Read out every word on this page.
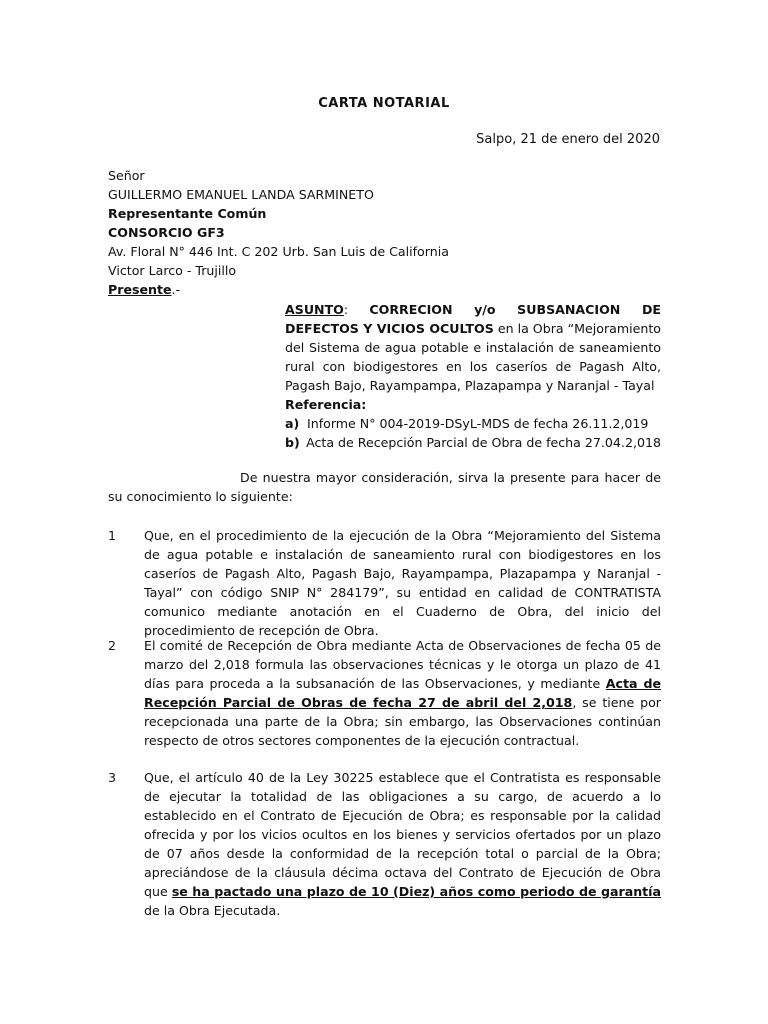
CARTA NOTARIAL
Salpo, 21 de enero del 2020
Señor
GUILLERMO EMANUEL LANDA SARMINETO
Representante Común
CONSORCIO GF3
Av. Floral N° 446 Int. C 202 Urb. San Luis de California
Victor Larco - Trujillo
Presente.-

ASUNTO: CORRECION y/o SUBSANACION DE DEFECTOS Y VICIOS OCULTOS en la Obra “Mejoramiento del Sistema de agua potable e instalación de saneamiento rural con biodigestores en los caseríos de Pagash Alto, Pagash Bajo, Rayampampa, Plazapampa y Naranjal - Tayal

Referencia:
a) Informe N° 004-2019-DSyL-MDS de fecha 26.11.2,019
b) Acta de Recepción Parcial de Obra de fecha 27.04.2,018

De nuestra mayor consideración, sirva la presente para hacer de su conocimiento lo siguiente:

1	Que, en el procedimiento de la ejecución de la Obra “Mejoramiento del Sistema de agua potable e instalación de saneamiento rural con biodigestores en los caseríos de Pagash Alto, Pagash Bajo, Rayampampa, Plazapampa y Naranjal - Tayal” con código SNIP N° 284179”, su entidad en calidad de CONTRATISTA comunico mediante anotación en el Cuaderno de Obra, del inicio del procedimiento de recepción de Obra.

2	El comité de Recepción de Obra mediante Acta de Observaciones de fecha 05 de marzo del 2,018 formula las observaciones técnicas y le otorga un plazo de 41 días para proceda a la subsanación de las Observaciones, y mediante Acta de Recepción Parcial de Obras de fecha 27 de abril del 2,018, se tiene por recepcionada una parte de la Obra; sin embargo, las Observaciones continúan respecto de otros sectores componentes de la ejecución contractual.

3	Que, el artículo 40 de la Ley 30225 establece que el Contratista es responsable de ejecutar la totalidad de las obligaciones a su cargo, de acuerdo a lo establecido en el Contrato de Ejecución de Obra; es responsable por la calidad ofrecida y por los vicios ocultos en los bienes y servicios ofertados por un plazo de 07 años desde la conformidad de la recepción total o parcial de la Obra; apreciándose de la cláusula décima octava del Contrato de Ejecución de Obra que se ha pactado una plazo de 10 (Diez) años como periodo de garantía de la Obra Ejecutada.
